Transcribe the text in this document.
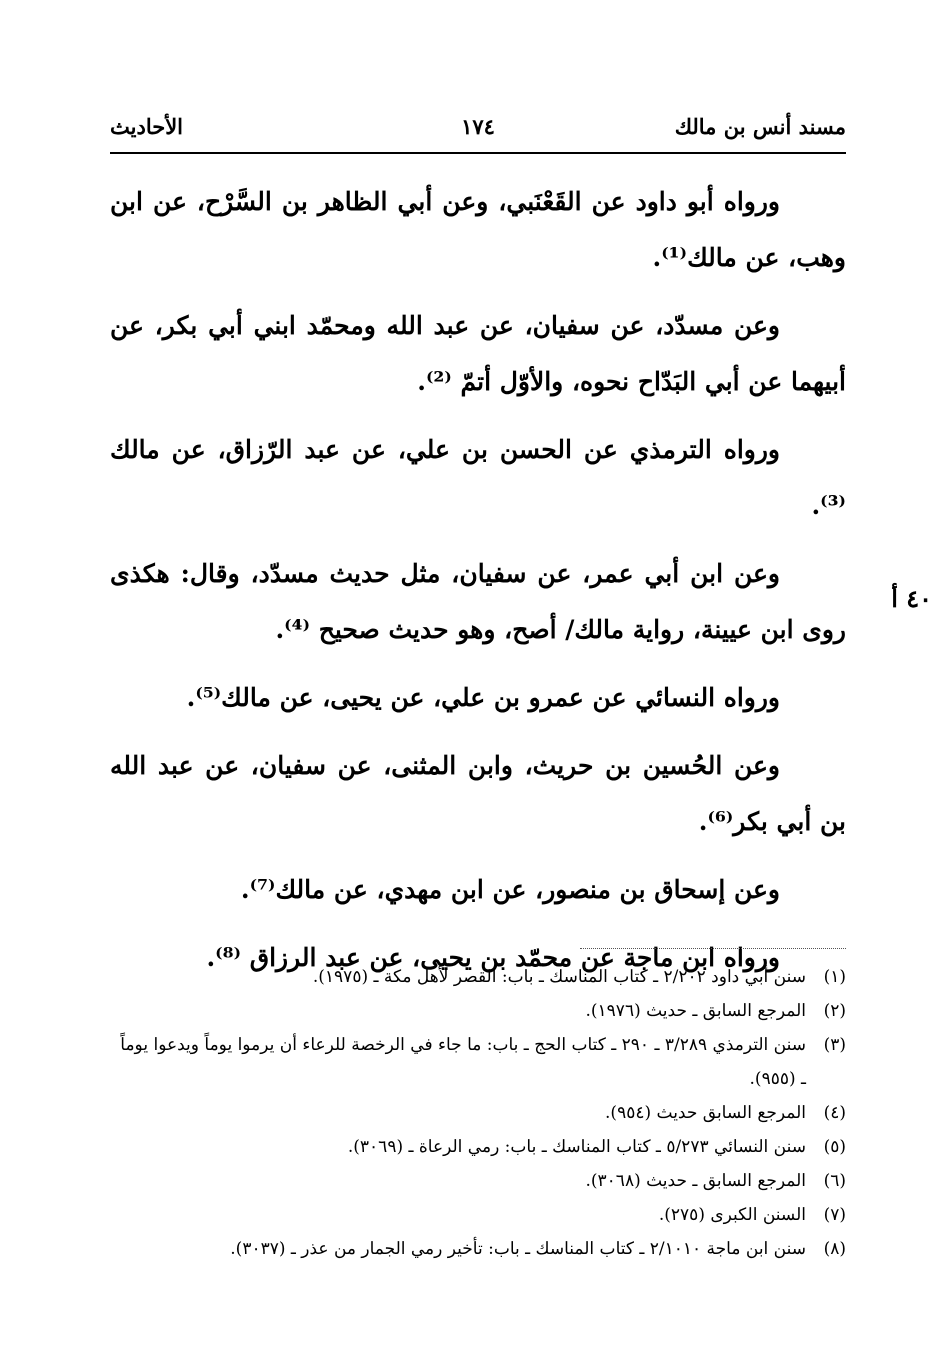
مسند أنس بن مالك
١٧٤
الأحاديث

ورواه أبو داود عن القَعْنَبي، وعن أبي الظاهر بن السَّرْح، عن ابن وهب، عن مالك⁽¹⁾.

وعن مسدّد، عن سفيان، عن عبد الله ومحمّد ابني أبي بكر، عن أبيهما عن أبي البَدّاح نحوه، والأوّل أتمّ ⁽²⁾.

ورواه الترمذي عن الحسن بن علي، عن عبد الرّزاق، عن مالك ⁽³⁾.

وعن ابن أبي عمر، عن سفيان، مثل حديث مسدّد، وقال: هكذى روى ابن عيينة، رواية مالك/ أصح، وهو حديث صحيح ⁽⁴⁾.

ورواه النسائي عن عمرو بن علي، عن يحيى، عن مالك⁽⁵⁾.

وعن الحُسين بن حريث، وابن المثنى، عن سفيان، عن عبد الله بن أبي بكر⁽⁶⁾.

وعن إسحاق بن منصور، عن ابن مهدي، عن مالك⁽⁷⁾.

ورواه ابن ماجة عن محمّد بن يحيى، عن عبد الرزاق ⁽⁸⁾.

٤٠ أ
(١)
سنن أبي داود ٢/٢٠٢ ـ كتاب المناسك ـ باب: القصر لأهل مكة ـ (١٩٧٥).
(٢)
المرجع السابق ـ حديث (١٩٧٦).
(٣)
سنن الترمذي ٣/٢٨٩ ـ ٢٩٠ ـ كتاب الحج ـ باب: ما جاء في الرخصة للرعاء أن يرموا يوماً ويدعوا يوماً ـ (٩٥٥).
(٤)
المرجع السابق حديث (٩٥٤).
(٥)
سنن النسائي ٥/٢٧٣ ـ كتاب المناسك ـ باب: رمي الرعاة ـ (٣٠٦٩).
(٦)
المرجع السابق ـ حديث (٣٠٦٨).
(٧)
السنن الكبرى (٢٧٥).
(٨)
سنن ابن ماجة ٢/١٠١٠ ـ كتاب المناسك ـ باب: تأخير رمي الجمار من عذر ـ (٣٠٣٧).
